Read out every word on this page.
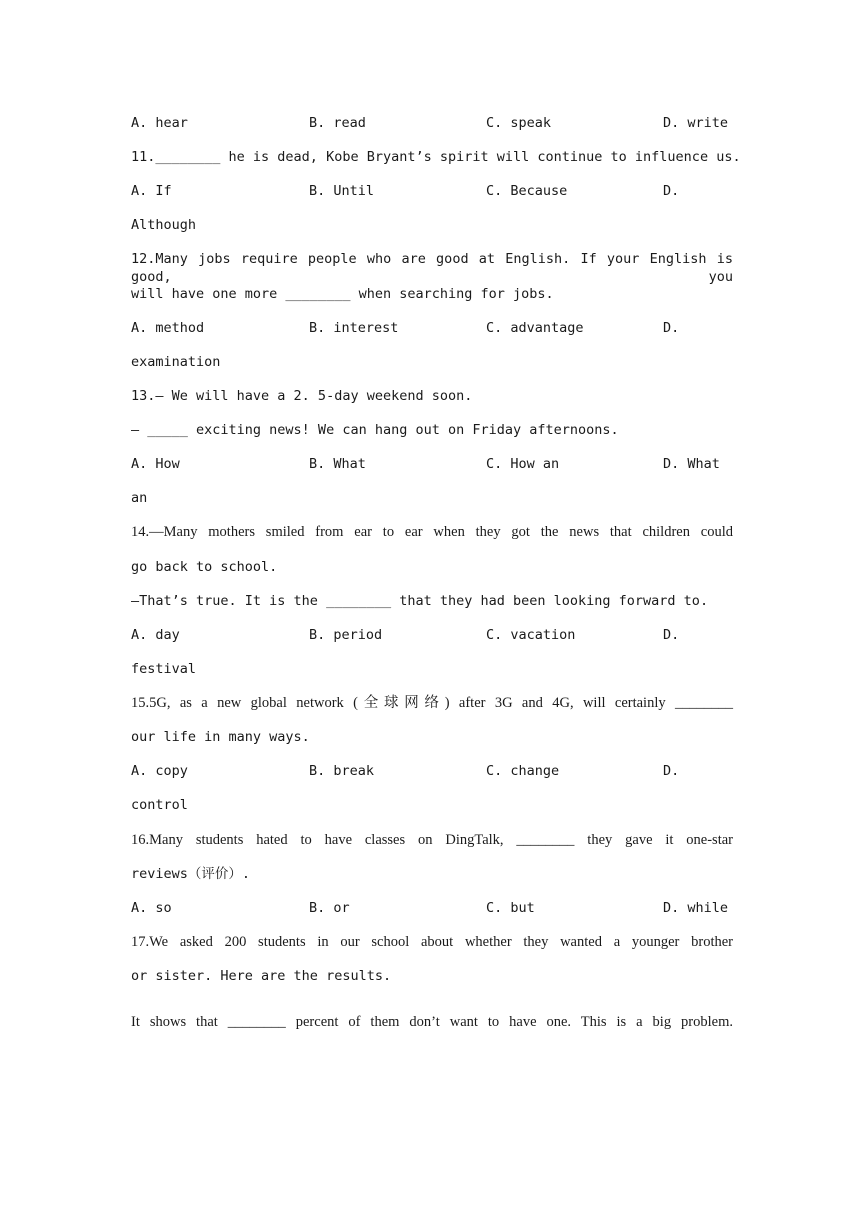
A. hear	B. read	C. speak	D. write
11.________ he is dead, Kobe Bryant’s spirit will continue to influence us.
A. If	B. Until	C. Because	D.
Although
12.Many jobs require people who are good at English. If your English is good, you
will have one more ________ when searching for jobs.
A. method	B. interest	C. advantage	D.
examination
13.— We will have a 2. 5-day weekend soon.
— _____ exciting news! We can hang out on Friday afternoons.
A. How	B. What	C. How an	D. What
an
14.—Many mothers smiled from ear to ear when they got the news that children could
go back to school.
—That’s true. It is the ________ that they had been looking forward to.
A. day	B. period	C. vacation	D.
festival
15.5G, as a new global network (全球网络) after 3G and 4G, will certainly ________
our life in many ways.
A. copy	B. break	C. change	D.
control
16.Many students hated to have classes on DingTalk, ________ they gave it one-star
reviews（评价）.
A. so	B. or	C. but	D. while
17.We asked 200 students in our school about whether they wanted a younger brother
or sister. Here are the results.
It shows that ________ percent of them don’t want to have one. This is a big problem.
